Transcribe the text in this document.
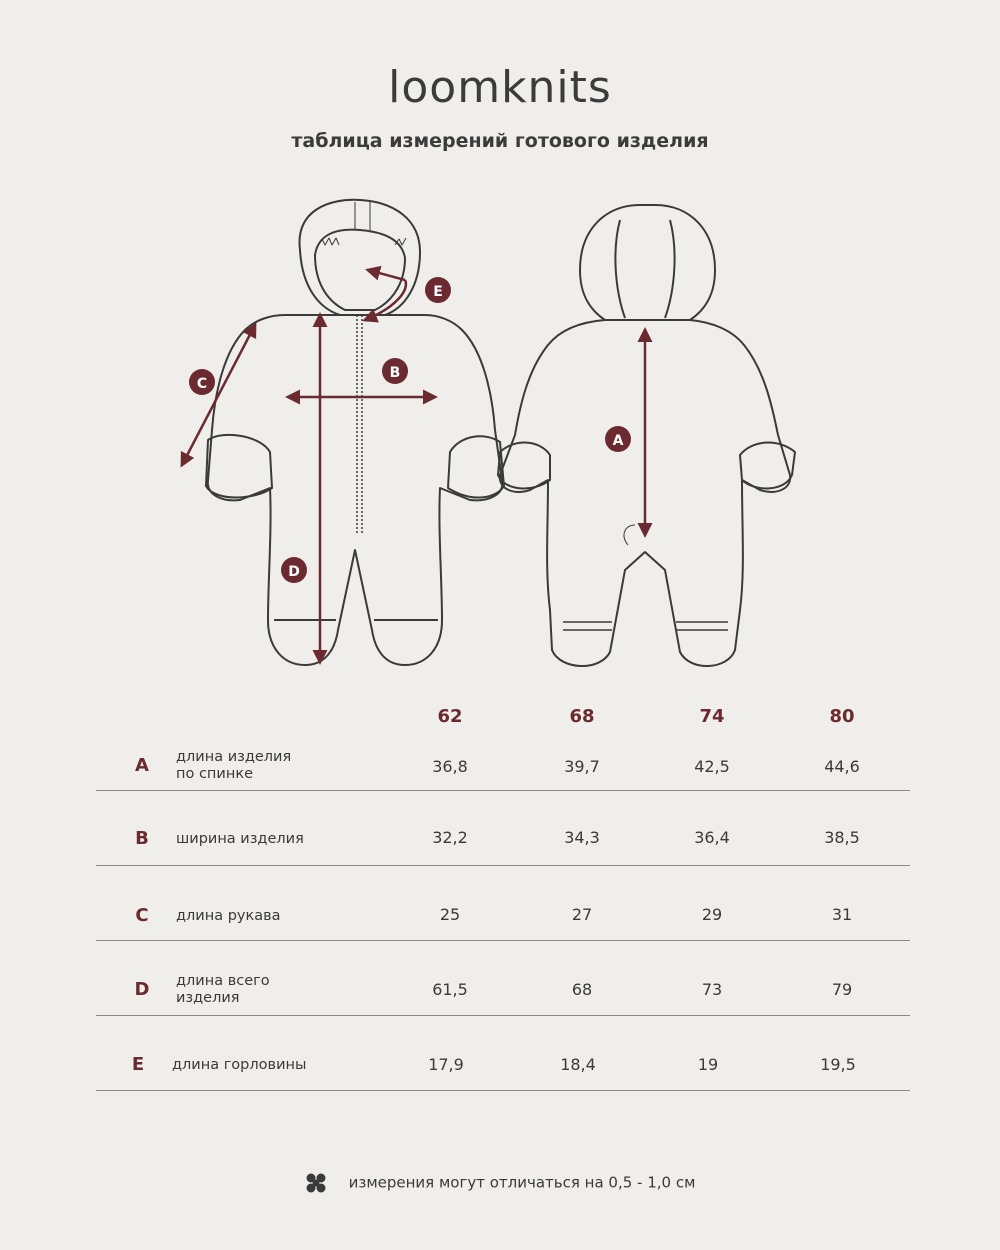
loomknits
таблица измерений готового изделия
E
C
B
D
A
62	68	74	80
A длина изделия
по спинке	36,8	39,7	42,5	44,6
B ширина изделия	32,2	34,3	36,4	38,5
C длина рукава	25	27	29	31
D длина всего
изделия	61,5	68	73	79
E длина горловины	17,9	18,4	19	19,5
измерения могут отличаться на 0,5 - 1,0 см
